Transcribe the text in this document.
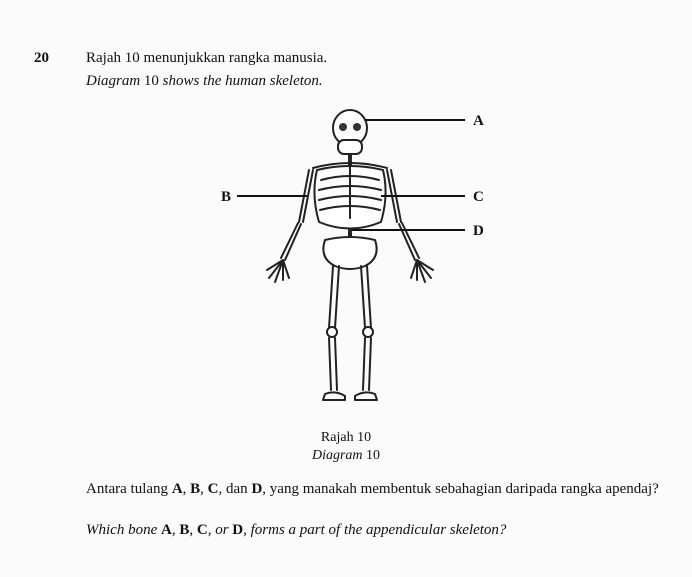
20 Rajah 10 menunjukkan rangka manusia.
Diagram 10 shows the human skeleton.
A
B	C
D
Rajah 10
Diagram 10
Antara tulang A, B, C, dan D, yang manakah membentuk sebahagian daripada rangka apendaj?
Which bone A, B, C, or D, forms a part of the appendicular skeleton?
